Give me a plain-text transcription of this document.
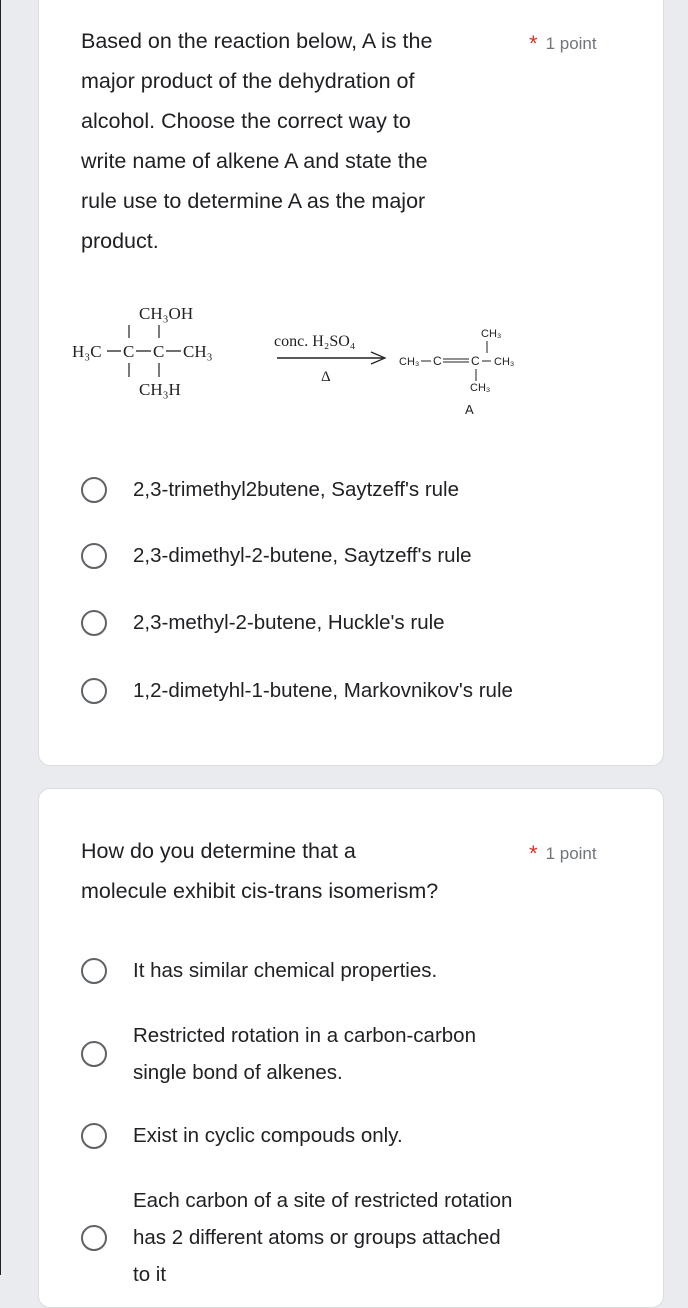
Based on the reaction below, A is the
major product of the dehydration of
alcohol. Choose the correct way to
write name of alkene A and state the
rule use to determine A as the major
product.
* 1 point
CH₃OH
H₃C C C CH₃
CH₃H
conc. H₂SO₄
Δ
CH₃
CH₃ C C CH₃
CH₃
A
2,3-trimethyl2butene, Saytzeff's rule
2,3-dimethyl-2-butene, Saytzeff's rule
2,3-methyl-2-butene, Huckle's rule
1,2-dimetyhl-1-butene, Markovnikov's rule
How do you determine that a
molecule exhibit cis-trans isomerism?
* 1 point
It has similar chemical properties.
Restricted rotation in a carbon-carbon
single bond of alkenes.
Exist in cyclic compouds only.
Each carbon of a site of restricted rotation
has 2 different atoms or groups attached
to it
